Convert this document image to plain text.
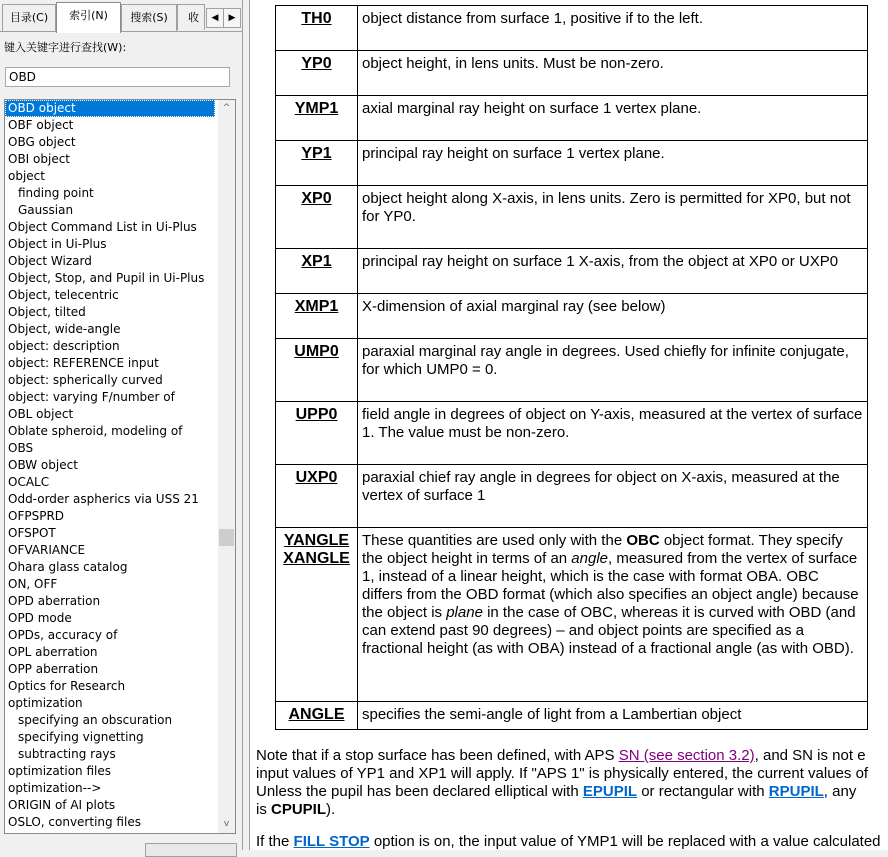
目录(C)	索引(N)	搜索(S)	收	◀	▶
键入关键字进行查找(W):
OBD
OBD object
OBF object
OBG object
OBI object
object
finding point
Gaussian
Object Command List in Ui-Plus
Object in Ui-Plus
Object Wizard
Object, Stop, and Pupil in Ui-Plus
Object, telecentric
Object, tilted
Object, wide-angle
object: description
object: REFERENCE input
object: spherically curved
object: varying F/number of
OBL object
Oblate spheroid, modeling of
OBS
OBW object
OCALC
Odd-order aspherics via USS 21
OFPSPRD
OFSPOT
OFVARIANCE
Ohara glass catalog
ON, OFF
OPD aberration
OPD mode
OPDs, accuracy of
OPL aberration
OPP aberration
Optics for Research
optimization
specifying an obscuration
specifying vignetting
subtracting rays
optimization files
optimization-->
ORIGIN of AI plots
OSLO, converting files
^
v
TH0	object distance from surface 1, positive if to the left.

YP0	object height, in lens units. Must be non-zero.

YMP1	axial marginal ray height on surface 1 vertex plane.

YP1	principal ray height on surface 1 vertex plane.

XP0	object height along X-axis, in lens units. Zero is permitted for XP0, but not for YP0.

XP1	principal ray height on surface 1 X-axis, from the object at XP0 or UXP0

XMP1	X-dimension of axial marginal ray (see below)

UMP0	paraxial marginal ray angle in degrees. Used chiefly for infinite conjugate, for which UMP0 = 0.

UPP0	field angle in degrees of object on Y-axis, measured at the vertex of surface 1. The value must be non-zero.

UXP0	paraxial chief ray angle in degrees for object on X-axis, measured at the vertex of surface 1

YANGLE
XANGLE	These quantities are used only with the OBC object format. They specify the object height in terms of an angle, measured from the vertex of surface 1, instead of a linear height, which is the case with format OBA. OBC differs from the OBD format (which also specifies an object angle) because the object is plane in the case of OBC, whereas it is curved with OBD (and can extend past 90 degrees) – and object points are specified as a fractional height (as with OBA) instead of a fractional angle (as with OBD).

ANGLE	specifies the semi-angle of light from a Lambertian object

Note that if a stop surface has been defined, with APS SN (see section 3.2), and SN is not e
input values of YP1 and XP1 will apply. If "APS 1" is physically entered, the current values of
Unless the pupil has been declared elliptical with EPUPIL or rectangular with RPUPIL, any
is CPUPIL).

If the FILL STOP option is on, the input value of YMP1 will be replaced with a value calculated
